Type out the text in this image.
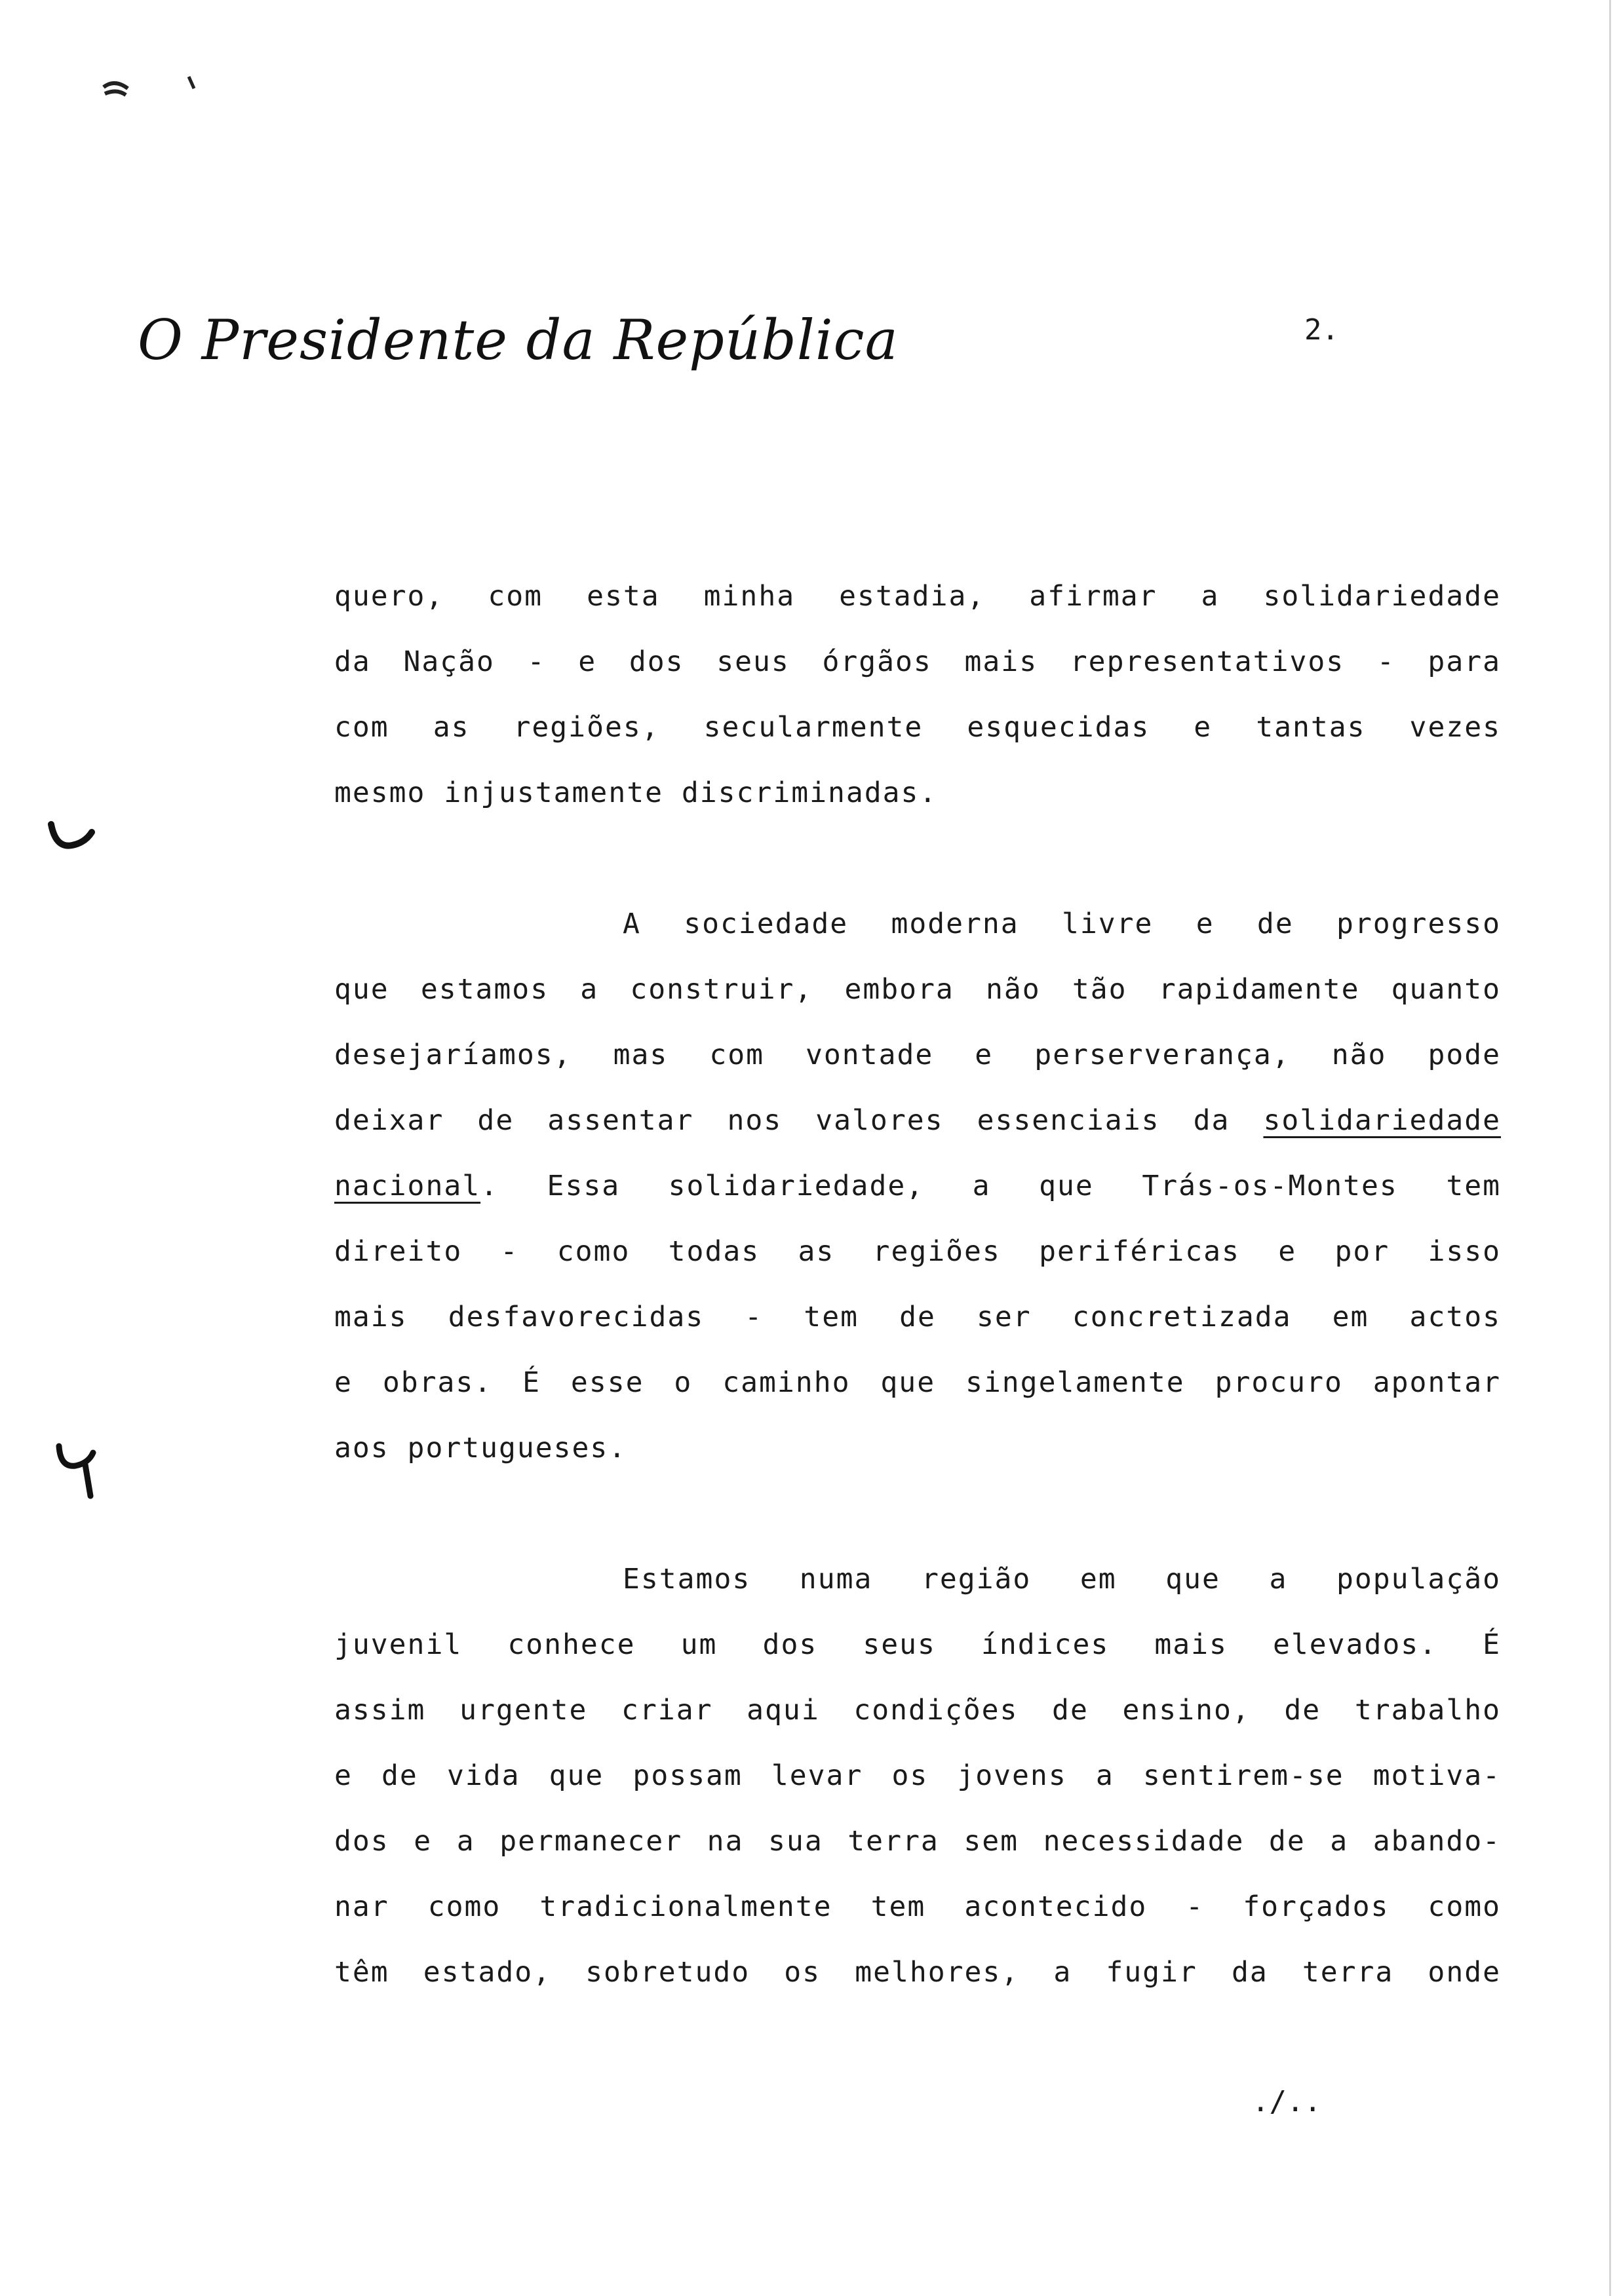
O Presidente da República	2.
quero, com esta minha estadia, afirmar a solidariedade
da Nação - e dos seus órgãos mais representativos - para
com as regiões, secularmente esquecidas e tantas vezes
mesmo injustamente discriminadas.
A sociedade moderna livre e de progresso
que estamos a construir, embora não tão rapidamente quanto
desejaríamos, mas com vontade e perserverança, não pode
deixar de assentar nos valores essenciais da solidariedade
nacional. Essa solidariedade, a que Trás-os-Montes tem
direito - como todas as regiões periféricas e por isso
mais desfavorecidas - tem de ser concretizada em actos
e obras. É esse o caminho que singelamente procuro apontar
aos portugueses.
Estamos numa região em que a população
juvenil conhece um dos seus índices mais elevados. É
assim urgente criar aqui condições de ensino, de trabalho
e de vida que possam levar os jovens a sentirem-se motiva-
dos e a permanecer na sua terra sem necessidade de a abando-
nar como tradicionalmente tem acontecido - forçados como
têm estado, sobretudo os melhores, a fugir da terra onde
./..
